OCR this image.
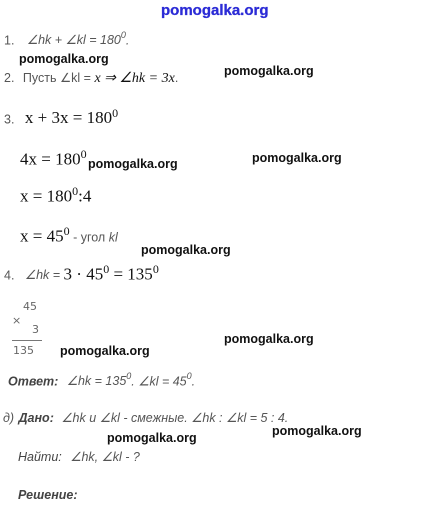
pomogalka.org
1. ∠hk + ∠kl = $180^0$.
pomogalka.org
2. Пусть ∠kl = x ⇒ ∠hk = 3x.	pomogalka.org
3. $x + 3x = 180^0$
$4x = 180^0$
pomogalka.org	pomogalka.org
$x = 180^0:4$
$x = 45^0$ - угол kl
pomogalka.org
4. ∠hk = $3 \cdot 45^0 = 135^0$
×
45
3
135 pomogalka.org
pomogalka.org
Ответ: ∠hk = $135^0$. ∠kl = $45^0$.
д) Дано: ∠hk и ∠kl - смежные. ∠hk : ∠kl = 5 : 4.
pomogalka.org
pomogalka.org
Найти: ∠hk, ∠kl - ?
Решение:
